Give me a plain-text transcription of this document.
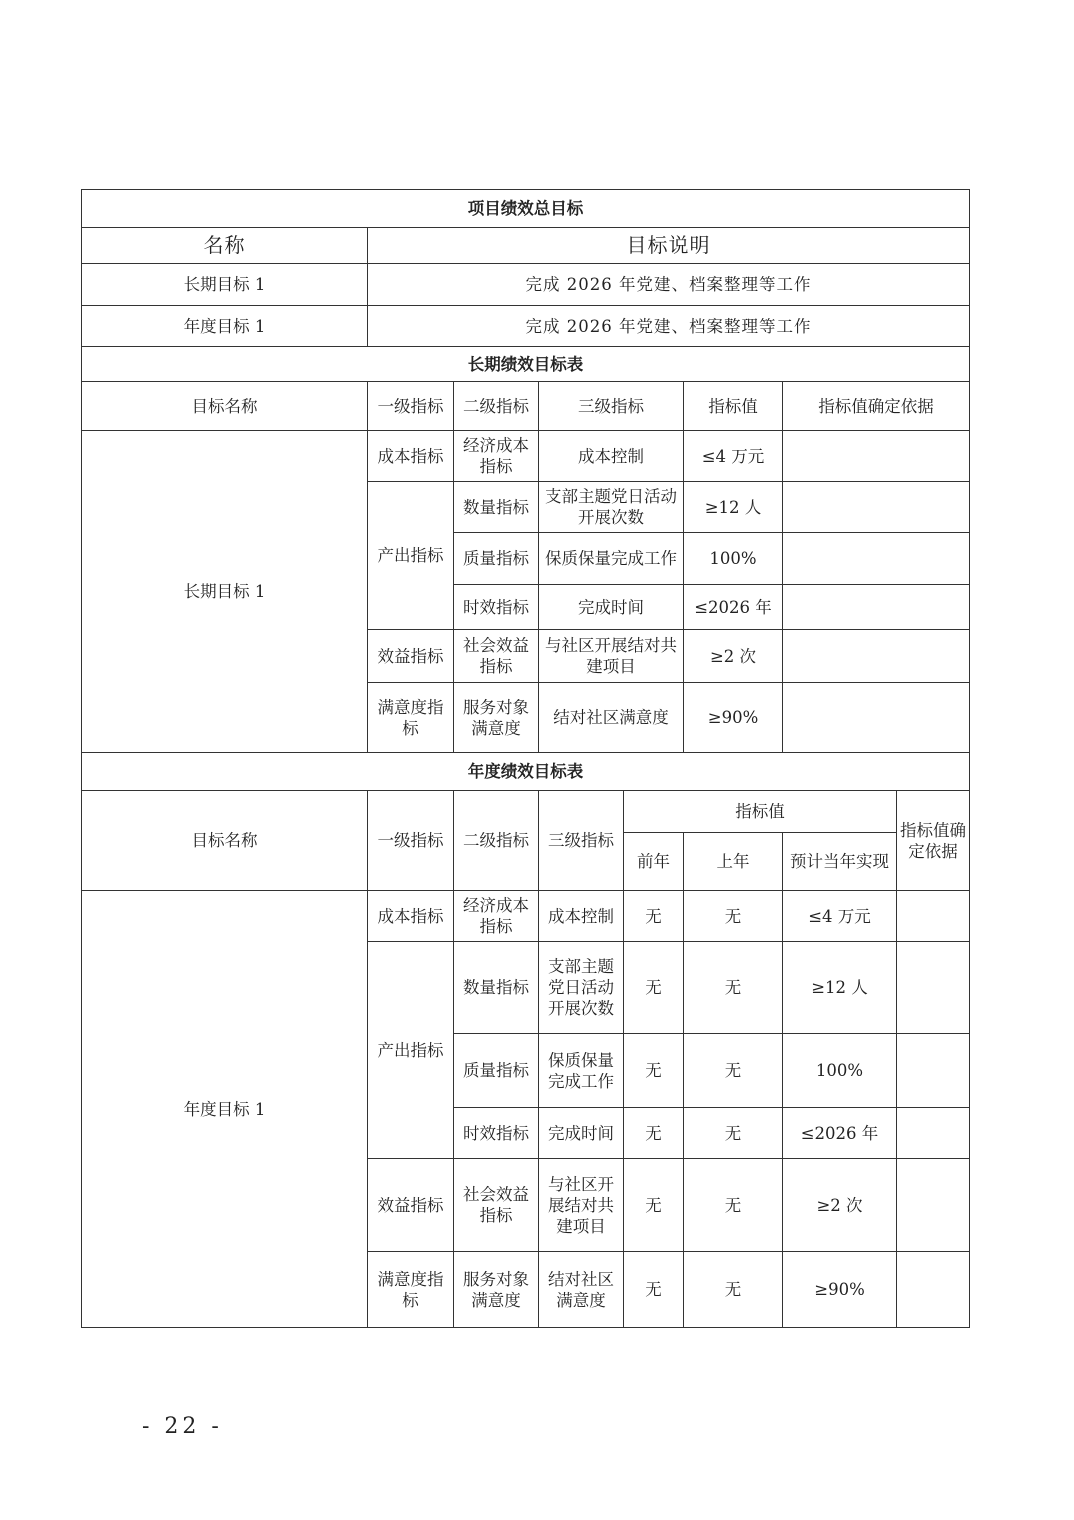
项目绩效总目标							
名称	目标说明						
长期目标 1	完成 2026 年党建、档案整理等工作						
年度目标 1	完成 2026 年党建、档案整理等工作						
长期绩效目标表							
目标名称	一级指标	二级指标	三级指标		指标值	指标值确定依据	
长期目标 1	成本指标	经济成本指标	成本控制		≤4 万元		
	产出指标	数量指标	支部主题党日活动开展次数		≥12 人		
		质量指标	保质保量完成工作		100%		
		时效指标	完成时间		≤2026 年		
	效益指标	社会效益指标	与社区开展结对共建项目		≥2 次		
	满意度指标	服务对象满意度	结对社区满意度		≥90%		
年度绩效目标表							
目标名称	一级指标	二级指标	三级指标	指标值			指标值确定依据
				前年	上年	预计当年实现	
年度目标 1	成本指标	经济成本指标	成本控制	无	无	≤4 万元	
	产出指标	数量指标	支部主题党日活动开展次数	无	无	≥12 人	
		质量指标	保质保量完成工作	无	无	100%	
		时效指标	完成时间	无	无	≤2026 年	
	效益指标	社会效益指标	与社区开展结对共建项目	无	无	≥2 次	
	满意度指标	服务对象满意度	结对社区满意度	无	无	≥90%	
- 22 -
